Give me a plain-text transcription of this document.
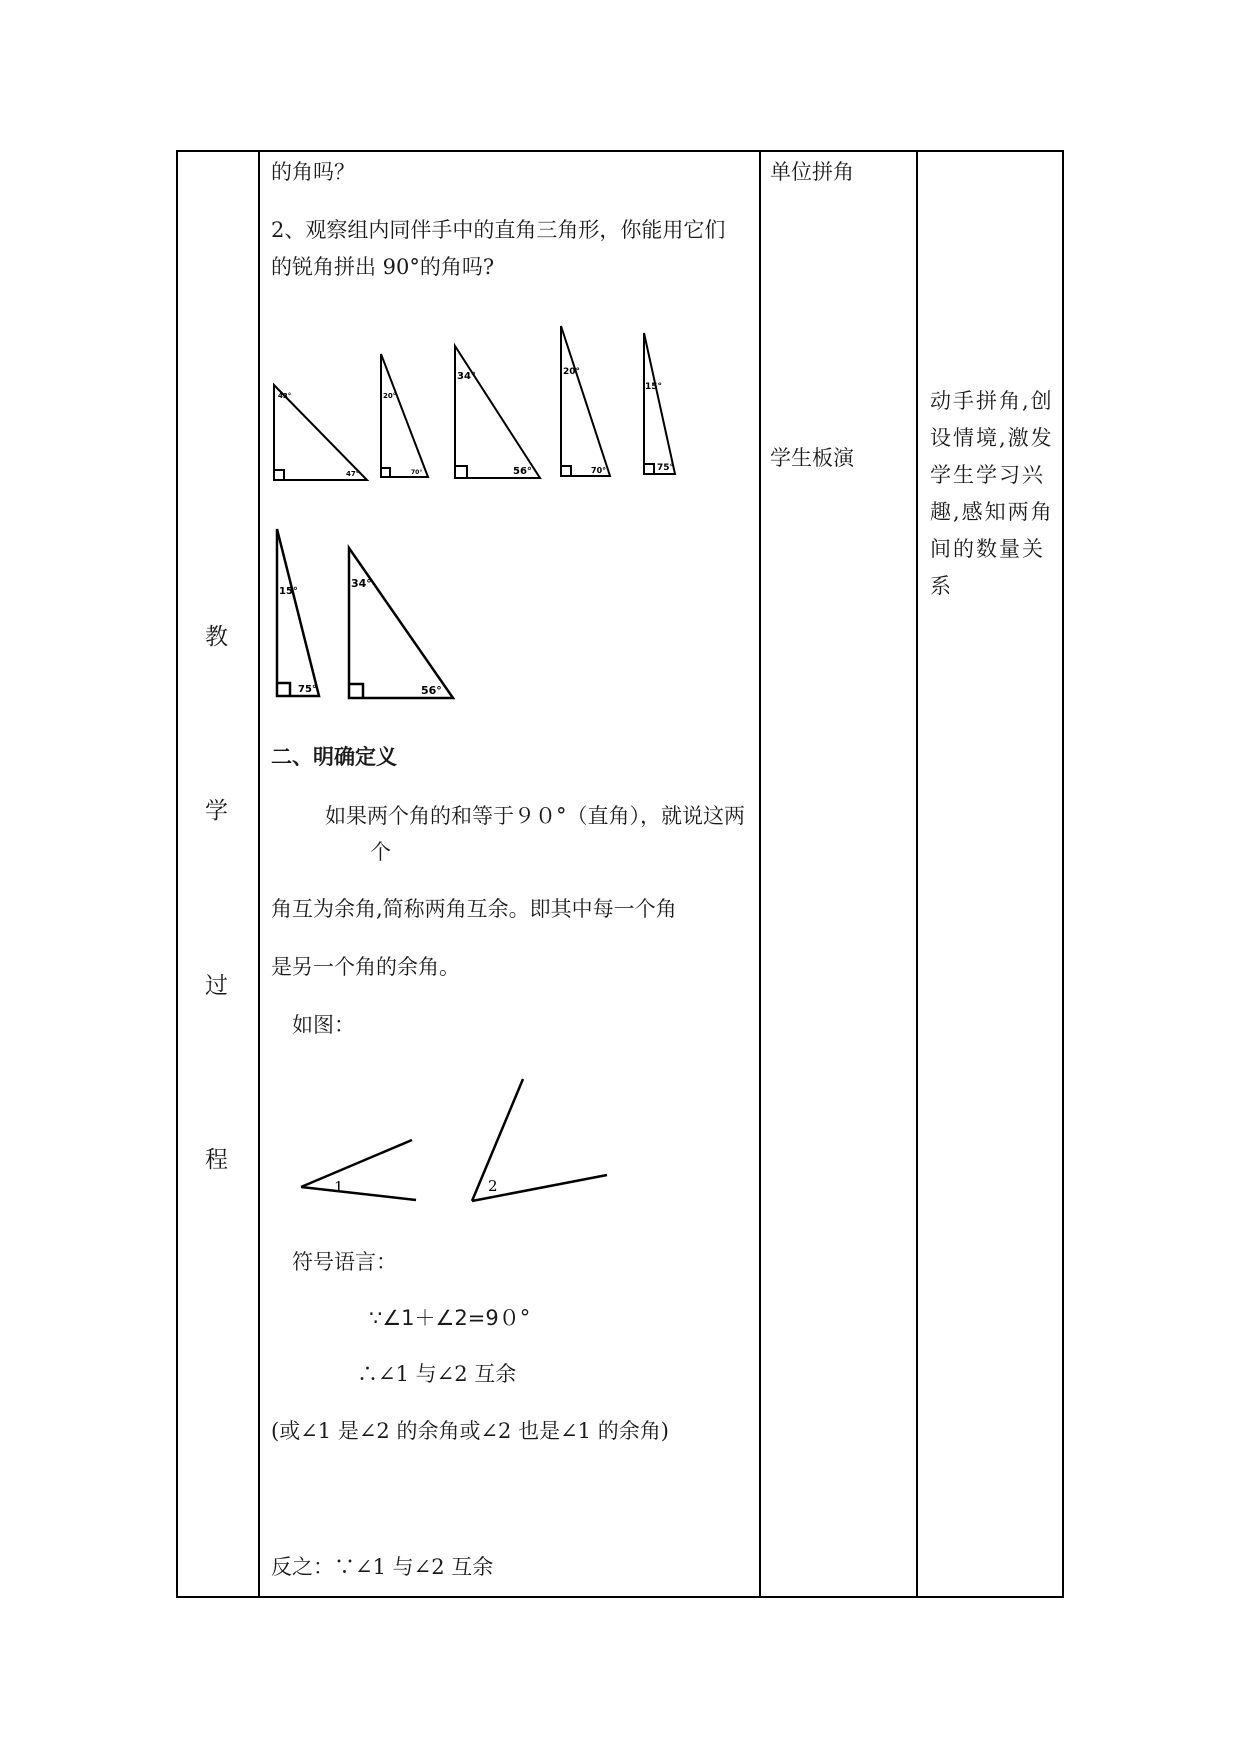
教
学
过
程
的角吗？
2、观察组内同伴手中的直角三角形，你能用它们
的锐角拼出 90°的角吗?
43°
47°
20°
70°
34°
56°
20°
70°
15°
75°
15°
75°
34°
56°
二、明确定义
如果两个角的和等于９０°（直角），就说这两
个
角互为余角,简称两角互余。即其中每一个角
是另一个角的余角。
如图：
1	2
符号语言：
∵∠1＋∠2=9０°
∴∠1 与∠2 互余
(或∠1 是∠2 的余角或∠2 也是∠1 的余角)
反之：∵∠1 与∠2 互余
单位拼角
学生板演
动手拼角,创设情境,激发学生学习兴趣,感知两角间的数量关系
